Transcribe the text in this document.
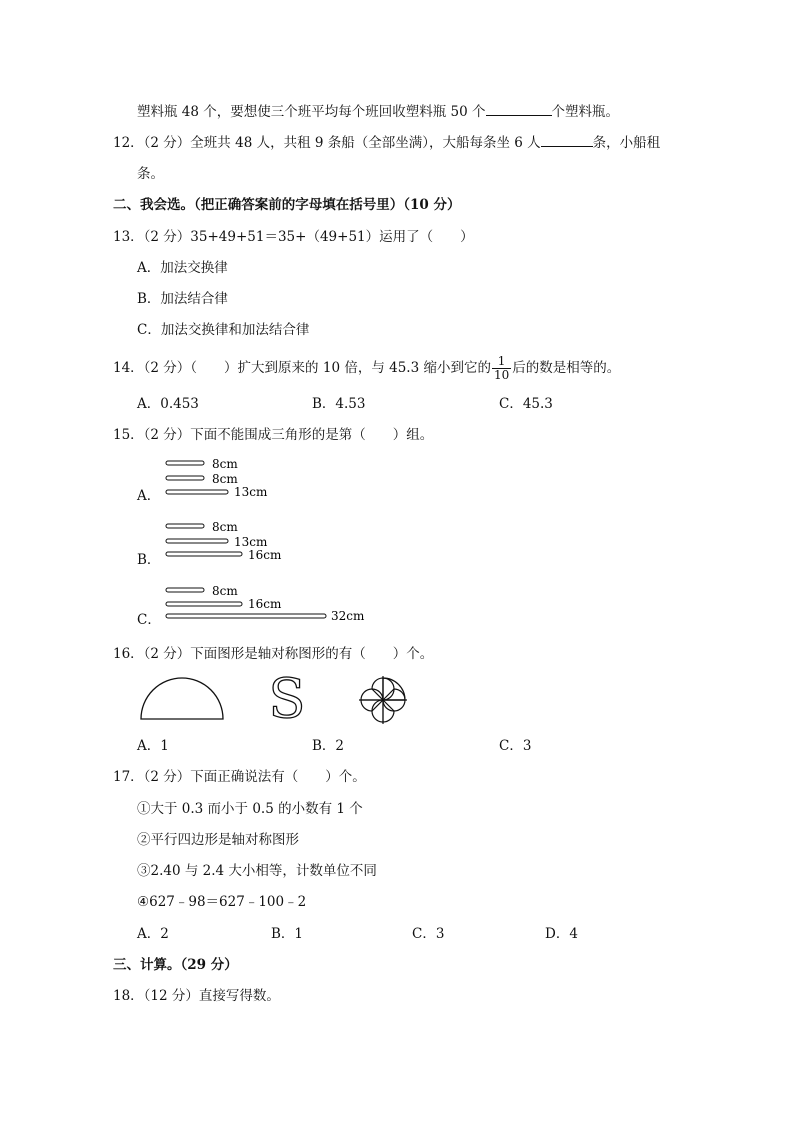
塑料瓶 48 个，要想使三个班平均每个班回收塑料瓶 50 个	个塑料瓶。
12．（2 分）全班共 48 人，共租 9 条船（全部坐满），大船每条坐 6 人	条，小船租
条。
二、我会选。（把正确答案前的字母填在括号里）（10 分）
13．（2 分）35+49+51＝35+（49+51）运用了（　　）
A．加法交换律
B．加法结合律
C．加法交换律和加法结合律
14．（2 分）（　　）扩大到原来的 10 倍，与 45.3 缩小到它的 $\frac{1}{10}$ 后的数是相等的。
A．0.453	B．4.53	C．45.3
15．（2 分）下面不能围成三角形的是第（　　）组。
A．
8cm
8cm
13cm
B．
8cm
13cm
16cm
C．
8cm
16cm
32cm
16．（2 分）下面图形是轴对称图形的有（　　）个。
S
A．1	B．2	C．3
17．（2 分）下面正确说法有（　　）个。
①大于 0.3 而小于 0.5 的小数有 1 个
②平行四边形是轴对称图形
③2.40 与 2.4 大小相等，计数单位不同
④627﹣98＝627﹣100﹣2
A．2	B．1	C．3	D．4
三、计算。（29 分）
18．（12 分）直接写得数。
